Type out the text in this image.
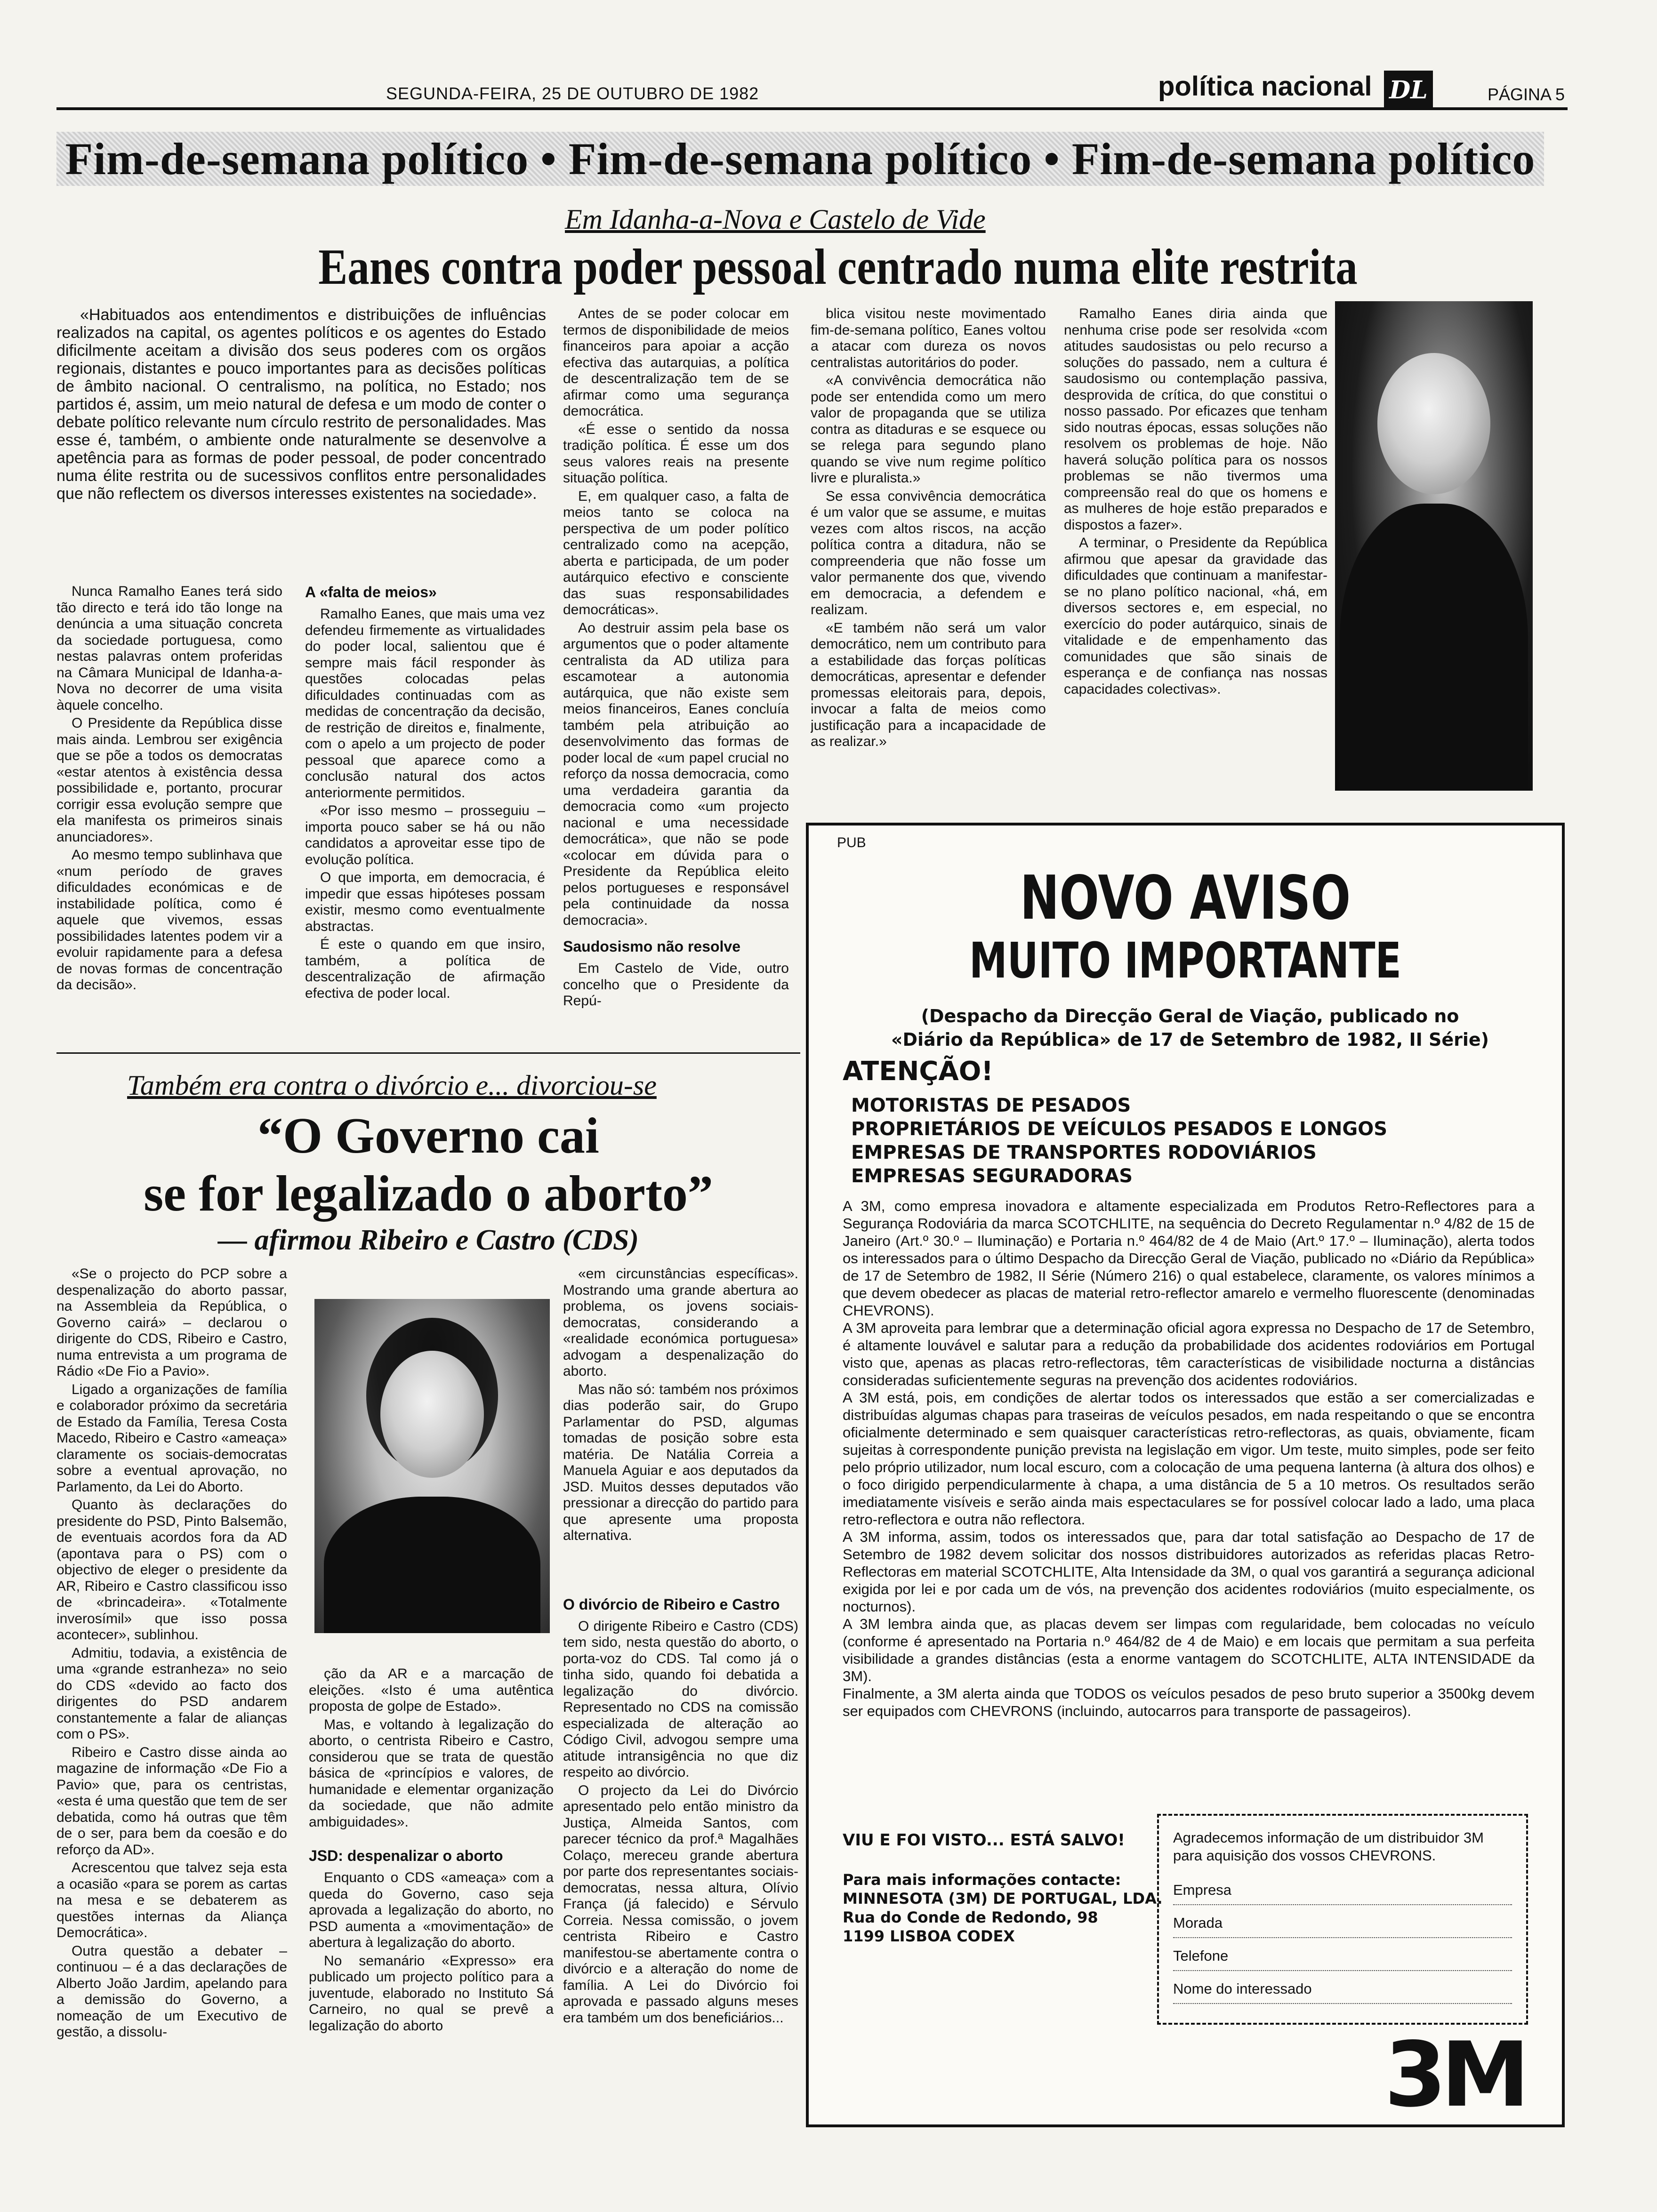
SEGUNDA-FEIRA, 25 DE OUTUBRO DE 1982	política nacional DL	PÁGINA 5
Fim-de-semana político • Fim-de-semana político • Fim-de-semana político
Em Idanha-a-Nova e Castelo de Vide
Eanes contra poder pessoal centrado numa elite restrita

«Habituados aos entendimentos e distribuições de influências realizados na capital, os agentes políticos e os agentes do Estado dificilmente aceitam a divisão dos seus poderes com os orgãos regionais, distantes e pouco importantes para as decisões políticas de âmbito nacional. O centralismo, na política, no Estado; nos partidos é, assim, um meio natural de defesa e um modo de conter o debate político relevante num círculo restrito de personalidades. Mas esse é, também, o ambiente onde naturalmente se desenvolve a apetência para as formas de poder pessoal, de poder concentrado numa élite restrita ou de sucessivos conflitos entre personalidades que não reflectem os diversos interesses existentes na sociedade».

Nunca Ramalho Eanes terá sido tão directo e terá ido tão longe na denúncia a uma situação concreta da sociedade portuguesa, como nestas palavras ontem proferidas na Câmara Municipal de Idanha-a-Nova no decorrer de uma visita àquele concelho.

O Presidente da República disse mais ainda. Lembrou ser exigência que se põe a todos os democratas «estar atentos à existência dessa possibilidade e, portanto, procurar corrigir essa evolução sempre que ela manifesta os primeiros sinais anunciadores».

Ao mesmo tempo sublinhava que «num período de graves dificuldades económicas e de instabilidade política, como é aquele que vivemos, essas possibilidades latentes podem vir a evoluir rapidamente para a defesa de novas formas de concentração da decisão».

A «falta de meios»

Ramalho Eanes, que mais uma vez defendeu firmemente as virtualidades do poder local, salientou que é sempre mais fácil responder às questões colocadas pelas dificuldades continuadas com as medidas de concentração da decisão, de restrição de direitos e, finalmente, com o apelo a um projecto de poder pessoal que aparece como a conclusão natural dos actos anteriormente permitidos.

«Por isso mesmo – prosseguiu – importa pouco saber se há ou não candidatos a aproveitar esse tipo de evolução política.

O que importa, em democracia, é impedir que essas hipóteses possam existir, mesmo como eventualmente abstractas.

É este o quando em que insiro, também, a política de descentralização de afirmação efectiva de poder local.

Antes de se poder colocar em termos de disponibilidade de meios financeiros para apoiar a acção efectiva das autarquias, a política de descentralização tem de se afirmar como uma segurança democrática.

«É esse o sentido da nossa tradição política. É esse um dos seus valores reais na presente situação política.

E, em qualquer caso, a falta de meios tanto se coloca na perspectiva de um poder político centralizado como na acepção, aberta e participada, de um poder autárquico efectivo e consciente das suas responsabilidades democráticas».

Ao destruir assim pela base os argumentos que o poder altamente centralista da AD utiliza para escamotear a autonomia autárquica, que não existe sem meios financeiros, Eanes concluía também pela atribuição ao desenvolvimento das formas de poder local de «um papel crucial no reforço da nossa democracia, como uma verdadeira garantia da democracia como «um projecto nacional e uma necessidade democrática», que não se pode «colocar em dúvida para o Presidente da República eleito pelos portugueses e responsável pela continuidade da nossa democracia».

Saudosismo não resolve

Em Castelo de Vide, outro concelho que o Presidente da Repú-

blica visitou neste movimentado fim-de-semana político, Eanes voltou a atacar com dureza os novos centralistas autoritários do poder.

«A convivência democrática não pode ser entendida como um mero valor de propaganda que se utiliza contra as ditaduras e se esquece ou se relega para segundo plano quando se vive num regime político livre e pluralista.»

Se essa convivência democrática é um valor que se assume, e muitas vezes com altos riscos, na acção política contra a ditadura, não se compreenderia que não fosse um valor permanente dos que, vivendo em democracia, a defendem e realizam.

«E também não será um valor democrático, nem um contributo para a estabilidade das forças políticas democráticas, apresentar e defender promessas eleitorais para, depois, invocar a falta de meios como justificação para a incapacidade de as realizar.»

Ramalho Eanes diria ainda que nenhuma crise pode ser resolvida «com atitudes saudosistas ou pelo recurso a soluções do passado, nem a cultura é saudosismo ou contemplação passiva, desprovida de crítica, do que constitui o nosso passado. Por eficazes que tenham sido noutras épocas, essas soluções não resolvem os problemas de hoje. Não haverá solução política para os nossos problemas se não tivermos uma compreensão real do que os homens e as mulheres de hoje estão preparados e dispostos a fazer».

A terminar, o Presidente da República afirmou que apesar da gravidade das dificuldades que continuam a manifestar-se no plano político nacional, «há, em diversos sectores e, em especial, no exercício do poder autárquico, sinais de vitalidade e de empenhamento das comunidades que são sinais de esperança e de confiança nas nossas capacidades colectivas».

Também era contra o divórcio e... divorciou-se
“O Governo cai
se for legalizado o aborto”
— afirmou Ribeiro e Castro (CDS)

«Se o projecto do PCP sobre a despenalização do aborto passar, na Assembleia da República, o Governo cairá» – declarou o dirigente do CDS, Ribeiro e Castro, numa entrevista a um programa de Rádio «De Fio a Pavio».

Ligado a organizações de família e colaborador próximo da secretária de Estado da Família, Teresa Costa Macedo, Ribeiro e Castro «ameaça» claramente os sociais-democratas sobre a eventual aprovação, no Parlamento, da Lei do Aborto.

Quanto às declarações do presidente do PSD, Pinto Balsemão, de eventuais acordos fora da AD (apontava para o PS) com o objectivo de eleger o presidente da AR, Ribeiro e Castro classificou isso de «brincadeira». «Totalmente inverosímil» que isso possa acontecer», sublinhou.

Admitiu, todavia, a existência de uma «grande estranheza» no seio do CDS «devido ao facto dos dirigentes do PSD andarem constantemente a falar de alianças com o PS».

Ribeiro e Castro disse ainda ao magazine de informação «De Fio a Pavio» que, para os centristas, «esta é uma questão que tem de ser debatida, como há outras que têm de o ser, para bem da coesão e do reforço da AD».

Acrescentou que talvez seja esta a ocasião «para se porem as cartas na mesa e se debaterem as questões internas da Aliança Democrática».

Outra questão a debater – continuou – é a das declarações de Alberto João Jardim, apelando para a demissão do Governo, a nomeação de um Executivo de gestão, a dissolu-

ção da AR e a marcação de eleições. «Isto é uma autêntica proposta de golpe de Estado».

Mas, e voltando à legalização do aborto, o centrista Ribeiro e Castro, considerou que se trata de questão básica de «princípios e valores, de humanidade e elementar organização da sociedade, que não admite ambiguidades».

JSD: despenalizar o aborto

Enquanto o CDS «ameaça» com a queda do Governo, caso seja aprovada a legalização do aborto, no PSD aumenta a «movimentação» de abertura à legalização do aborto.

No semanário «Expresso» era publicado um projecto político para a juventude, elaborado no Instituto Sá Carneiro, no qual se prevê a legalização do aborto

«em circunstâncias específicas». Mostrando uma grande abertura ao problema, os jovens sociais-democratas, considerando a «realidade económica portuguesa» advogam a despenalização do aborto.

Mas não só: também nos próximos dias poderão sair, do Grupo Parlamentar do PSD, algumas tomadas de posição sobre esta matéria. De Natália Correia a Manuela Aguiar e aos deputados da JSD. Muitos desses deputados vão pressionar a direcção do partido para que apresente uma proposta alternativa.

O divórcio de Ribeiro e Castro

O dirigente Ribeiro e Castro (CDS) tem sido, nesta questão do aborto, o porta-voz do CDS. Tal como já o tinha sido, quando foi debatida a legalização do divórcio. Representado no CDS na comissão especializada de alteração ao Código Civil, advogou sempre uma atitude intransigência no que diz respeito ao divórcio.

O projecto da Lei do Divórcio apresentado pelo então ministro da Justiça, Almeida Santos, com parecer técnico da prof.ª Magalhães Colaço, mereceu grande abertura por parte dos representantes sociais-democratas, nessa altura, Olívio França (já falecido) e Sérvulo Correia. Nessa comissão, o jovem centrista Ribeiro e Castro manifestou-se abertamente contra o divórcio e a alteração do nome de família. A Lei do Divórcio foi aprovada e passado alguns meses era também um dos beneficiários...

PUB
NOVO AVISO
MUITO IMPORTANTE
(Despacho da Direcção Geral de Viação, publicado no «Diário da República» de 17 de Setembro de 1982, II Série)
ATENÇÃO!
MOTORISTAS DE PESADOS
PROPRIETÁRIOS DE VEÍCULOS PESADOS E LONGOS
EMPRESAS DE TRANSPORTES RODOVIÁRIOS
EMPRESAS SEGURADORAS

A 3M, como empresa inovadora e altamente especializada em Produtos Retro-Reflectores para a Segurança Rodoviária da marca SCOTCHLITE, na sequência do Decreto Regulamentar n.º 4/82 de 15 de Janeiro (Art.º 30.º – Iluminação) e Portaria n.º 464/82 de 4 de Maio (Art.º 17.º – Iluminação), alerta todos os interessados para o último Despacho da Direcção Geral de Viação, publicado no «Diário da República» de 17 de Setembro de 1982, II Série (Número 216) o qual estabelece, claramente, os valores mínimos a que devem obedecer as placas de material retro-reflector amarelo e vermelho fluorescente (denominadas CHEVRONS).

A 3M aproveita para lembrar que a determinação oficial agora expressa no Despacho de 17 de Setembro, é altamente louvável e salutar para a redução da probabilidade dos acidentes rodoviários em Portugal visto que, apenas as placas retro-reflectoras, têm características de visibilidade nocturna a distâncias consideradas suficientemente seguras na prevenção dos acidentes rodoviários.

A 3M está, pois, em condições de alertar todos os interessados que estão a ser comercializadas e distribuídas algumas chapas para traseiras de veículos pesados, em nada respeitando o que se encontra oficialmente determinado e sem quaisquer características retro-reflectoras, as quais, obviamente, ficam sujeitas à correspondente punição prevista na legislação em vigor. Um teste, muito simples, pode ser feito pelo próprio utilizador, num local escuro, com a colocação de uma pequena lanterna (à altura dos olhos) e o foco dirigido perpendicularmente à chapa, a uma distância de 5 a 10 metros. Os resultados serão imediatamente visíveis e serão ainda mais espectaculares se for possível colocar lado a lado, uma placa retro-reflectora e outra não reflectora.

A 3M informa, assim, todos os interessados que, para dar total satisfação ao Despacho de 17 de Setembro de 1982 devem solicitar dos nossos distribuidores autorizados as referidas placas Retro-Reflectoras em material SCOTCHLITE, Alta Intensidade da 3M, o qual vos garantirá a segurança adicional exigida por lei e por cada um de vós, na prevenção dos acidentes rodoviários (muito especialmente, os nocturnos).

A 3M lembra ainda que, as placas devem ser limpas com regularidade, bem colocadas no veículo (conforme é apresentado na Portaria n.º 464/82 de 4 de Maio) e em locais que permitam a sua perfeita visibilidade a grandes distâncias (esta a enorme vantagem do SCOTCHLITE, ALTA INTENSIDADE da 3M).

Finalmente, a 3M alerta ainda que TODOS os veículos pesados de peso bruto superior a 3500kg devem ser equipados com CHEVRONS (incluindo, autocarros para transporte de passageiros).

VIU E FOI VISTO... ESTÁ SALVO!
Para mais informações contacte:
MINNESOTA (3M) DE PORTUGAL, LDA.
Rua do Conde de Redondo, 98
1199 LISBOA CODEX
Agradecemos informação de um distribuidor 3M para aquisição dos vossos CHEVRONS.
Empresa
Morada
Telefone
Nome do interessado
3M
